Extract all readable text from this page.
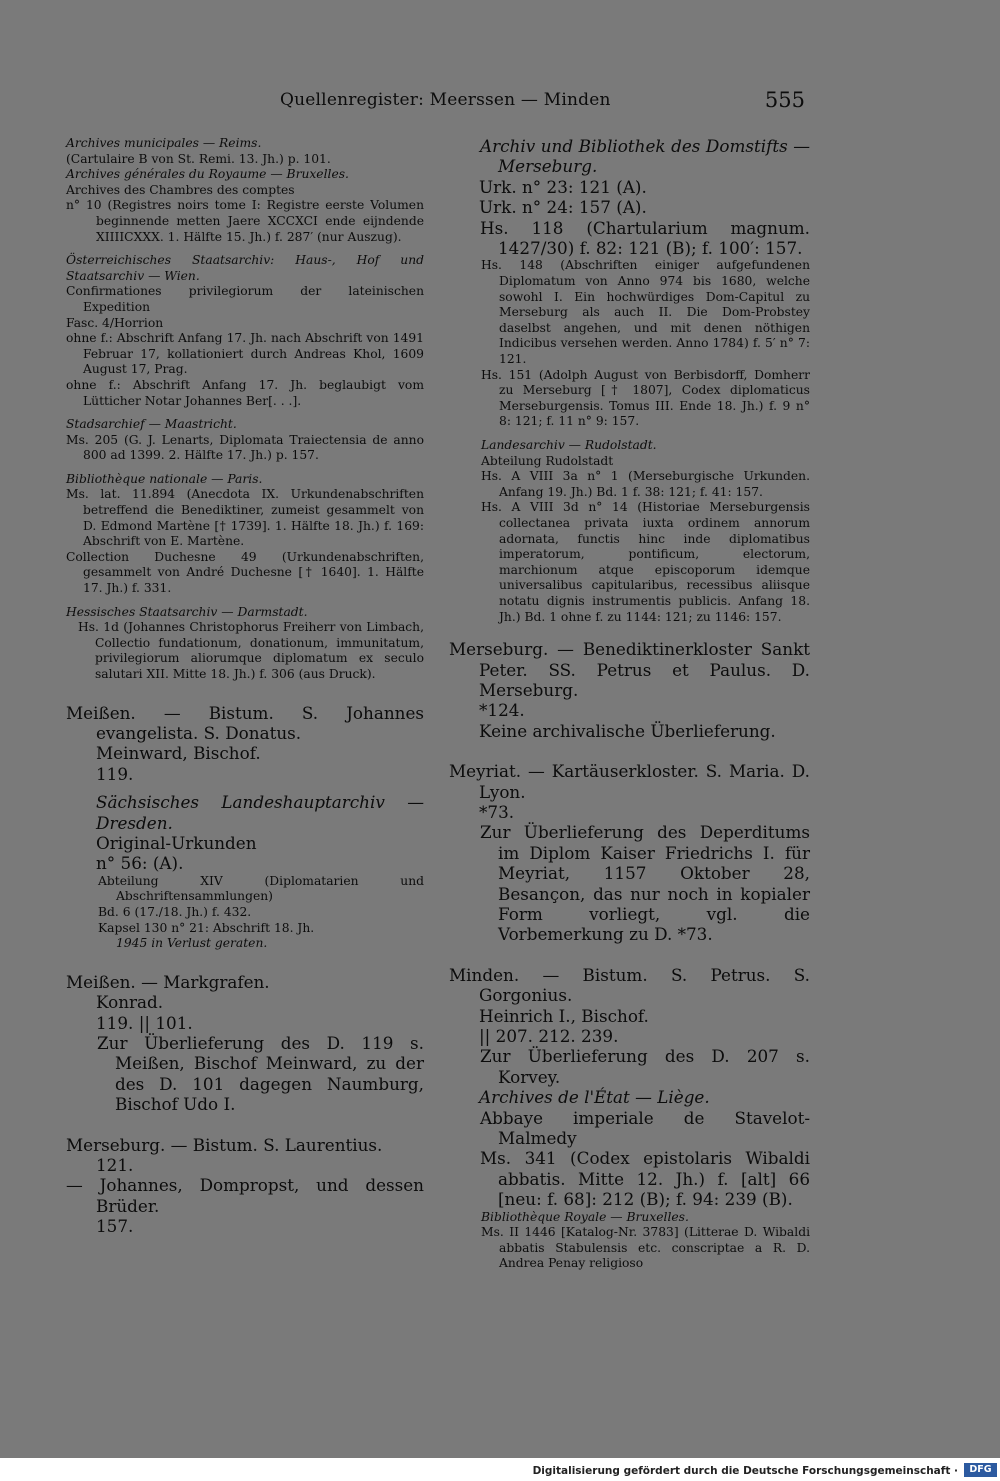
Quellenregister: Meerssen — Minden	555
Archives municipales — Reims.
(Cartulaire B von St. Remi. 13. Jh.) p. 101.
Archives générales du Royaume — Bruxelles.
Archives des Chambres des comptes
n° 10 (Registres noirs tome I: Registre eerste Volumen beginnende metten Jaere XCCXCI ende eijndende XIIIICXXX. 1. Hälfte 15. Jh.) f. 287′ (nur Auszug).
Österreichisches Staatsarchiv: Haus-, Hof und Staatsarchiv — Wien.
Confirmationes privilegiorum der lateinischen Expedition
Fasc. 4/Horrion
ohne f.: Abschrift Anfang 17. Jh. nach Abschrift von 1491 Februar 17, kollationiert durch Andreas Khol, 1609 August 17, Prag.
ohne f.: Abschrift Anfang 17. Jh. beglaubigt vom Lütticher Notar Johannes Ber[. . .].
Stadsarchief — Maastricht.
Ms. 205 (G. J. Lenarts, Diplomata Traiectensia de anno 800 ad 1399. 2. Hälfte 17. Jh.) p. 157.
Bibliothèque nationale — Paris.
Ms. lat. 11.894 (Anecdota IX. Urkundenabschriften betreffend die Benediktiner, zumeist gesammelt von D. Edmond Martène [† 1739]. 1. Hälfte 18. Jh.) f. 169: Abschrift von E. Martène.
Collection Duchesne 49 (Urkundenabschriften, gesammelt von André Duchesne [† 1640]. 1. Hälfte 17. Jh.) f. 331.
Hessisches Staatsarchiv — Darmstadt.
Hs. 1d (Johannes Christophorus Freiherr von Limbach, Collectio fundationum, donationum, immunitatum, privilegiorum aliorumque diplomatum ex seculo salutari XII. Mitte 18. Jh.) f. 306 (aus Druck).
Meißen. — Bistum. S. Johannes evangelista. S. Donatus.
Meinward, Bischof.
119.
Sächsisches Landeshauptarchiv — Dresden.
Original-Urkunden
n° 56: (A).
Abteilung XIV (Diplomatarien und Abschriftensammlungen)
Bd. 6 (17./18. Jh.) f. 432.
Kapsel 130 n° 21: Abschrift 18. Jh.
1945 in Verlust geraten.
Meißen. — Markgrafen.
Konrad.
119. || 101.
Zur Überlieferung des D. 119 s. Meißen, Bischof Meinward, zu der des D. 101 dagegen Naumburg, Bischof Udo I.
Merseburg. — Bistum. S. Laurentius.
121.
— Johannes, Dompropst, und dessen Brüder.
157.
Archiv und Bibliothek des Domstifts — Merseburg.
Urk. n° 23: 121 (A).
Urk. n° 24: 157 (A).
Hs. 118 (Chartularium magnum. 1427/30) f. 82: 121 (B); f. 100′: 157.
Hs. 148 (Abschriften einiger aufgefundenen Diplomatum von Anno 974 bis 1680, welche sowohl I. Ein hochwürdiges Dom-Capitul zu Merseburg als auch II. Die Dom-Probstey daselbst angehen, und mit denen nöthigen Indicibus versehen werden. Anno 1784) f. 5′ n° 7: 121.
Hs. 151 (Adolph August von Berbisdorff, Domherr zu Merseburg [† 1807], Codex diplomaticus Merseburgensis. Tomus III. Ende 18. Jh.) f. 9 n° 8: 121; f. 11 n° 9: 157.
Landesarchiv — Rudolstadt.
Abteilung Rudolstadt
Hs. A VIII 3a n° 1 (Merseburgische Urkunden. Anfang 19. Jh.) Bd. 1 f. 38: 121; f. 41: 157.
Hs. A VIII 3d n° 14 (Historiae Merseburgensis collectanea privata iuxta ordinem annorum adornata, functis hinc inde diplomatibus imperatorum, pontificum, electorum, marchionum atque episcoporum idemque universalibus capitularibus, recessibus aliisque notatu dignis instrumentis publicis. Anfang 18. Jh.) Bd. 1 ohne f. zu 1144: 121; zu 1146: 157.
Merseburg. — Benediktinerkloster Sankt Peter. SS. Petrus et Paulus. D. Merseburg.
*124.
Keine archivalische Überlieferung.
Meyriat. — Kartäuserkloster. S. Maria. D. Lyon.
*73.
Zur Überlieferung des Deperditums im Diplom Kaiser Friedrichs I. für Meyriat, 1157 Oktober 28, Besançon, das nur noch in kopialer Form vorliegt, vgl. die Vorbemerkung zu D. *73.
Minden. — Bistum. S. Petrus. S. Gorgonius.
Heinrich I., Bischof.
|| 207. 212. 239.
Zur Überlieferung des D. 207 s. Korvey.
Archives de l'État — Liège.
Abbaye imperiale de Stavelot-Malmedy
Ms. 341 (Codex epistolaris Wibaldi abbatis. Mitte 12. Jh.) f. [alt] 66 [neu: f. 68]: 212 (B); f. 94: 239 (B).
Bibliothèque Royale — Bruxelles.
Ms. II 1446 [Katalog-Nr. 3783] (Litterae D. Wibaldi abbatis Stabulensis etc. conscriptae a R. D. Andrea Penay religioso
Digitalisierung gefördert durch die Deutsche Forschungsgemeinschaft ·	DFG
